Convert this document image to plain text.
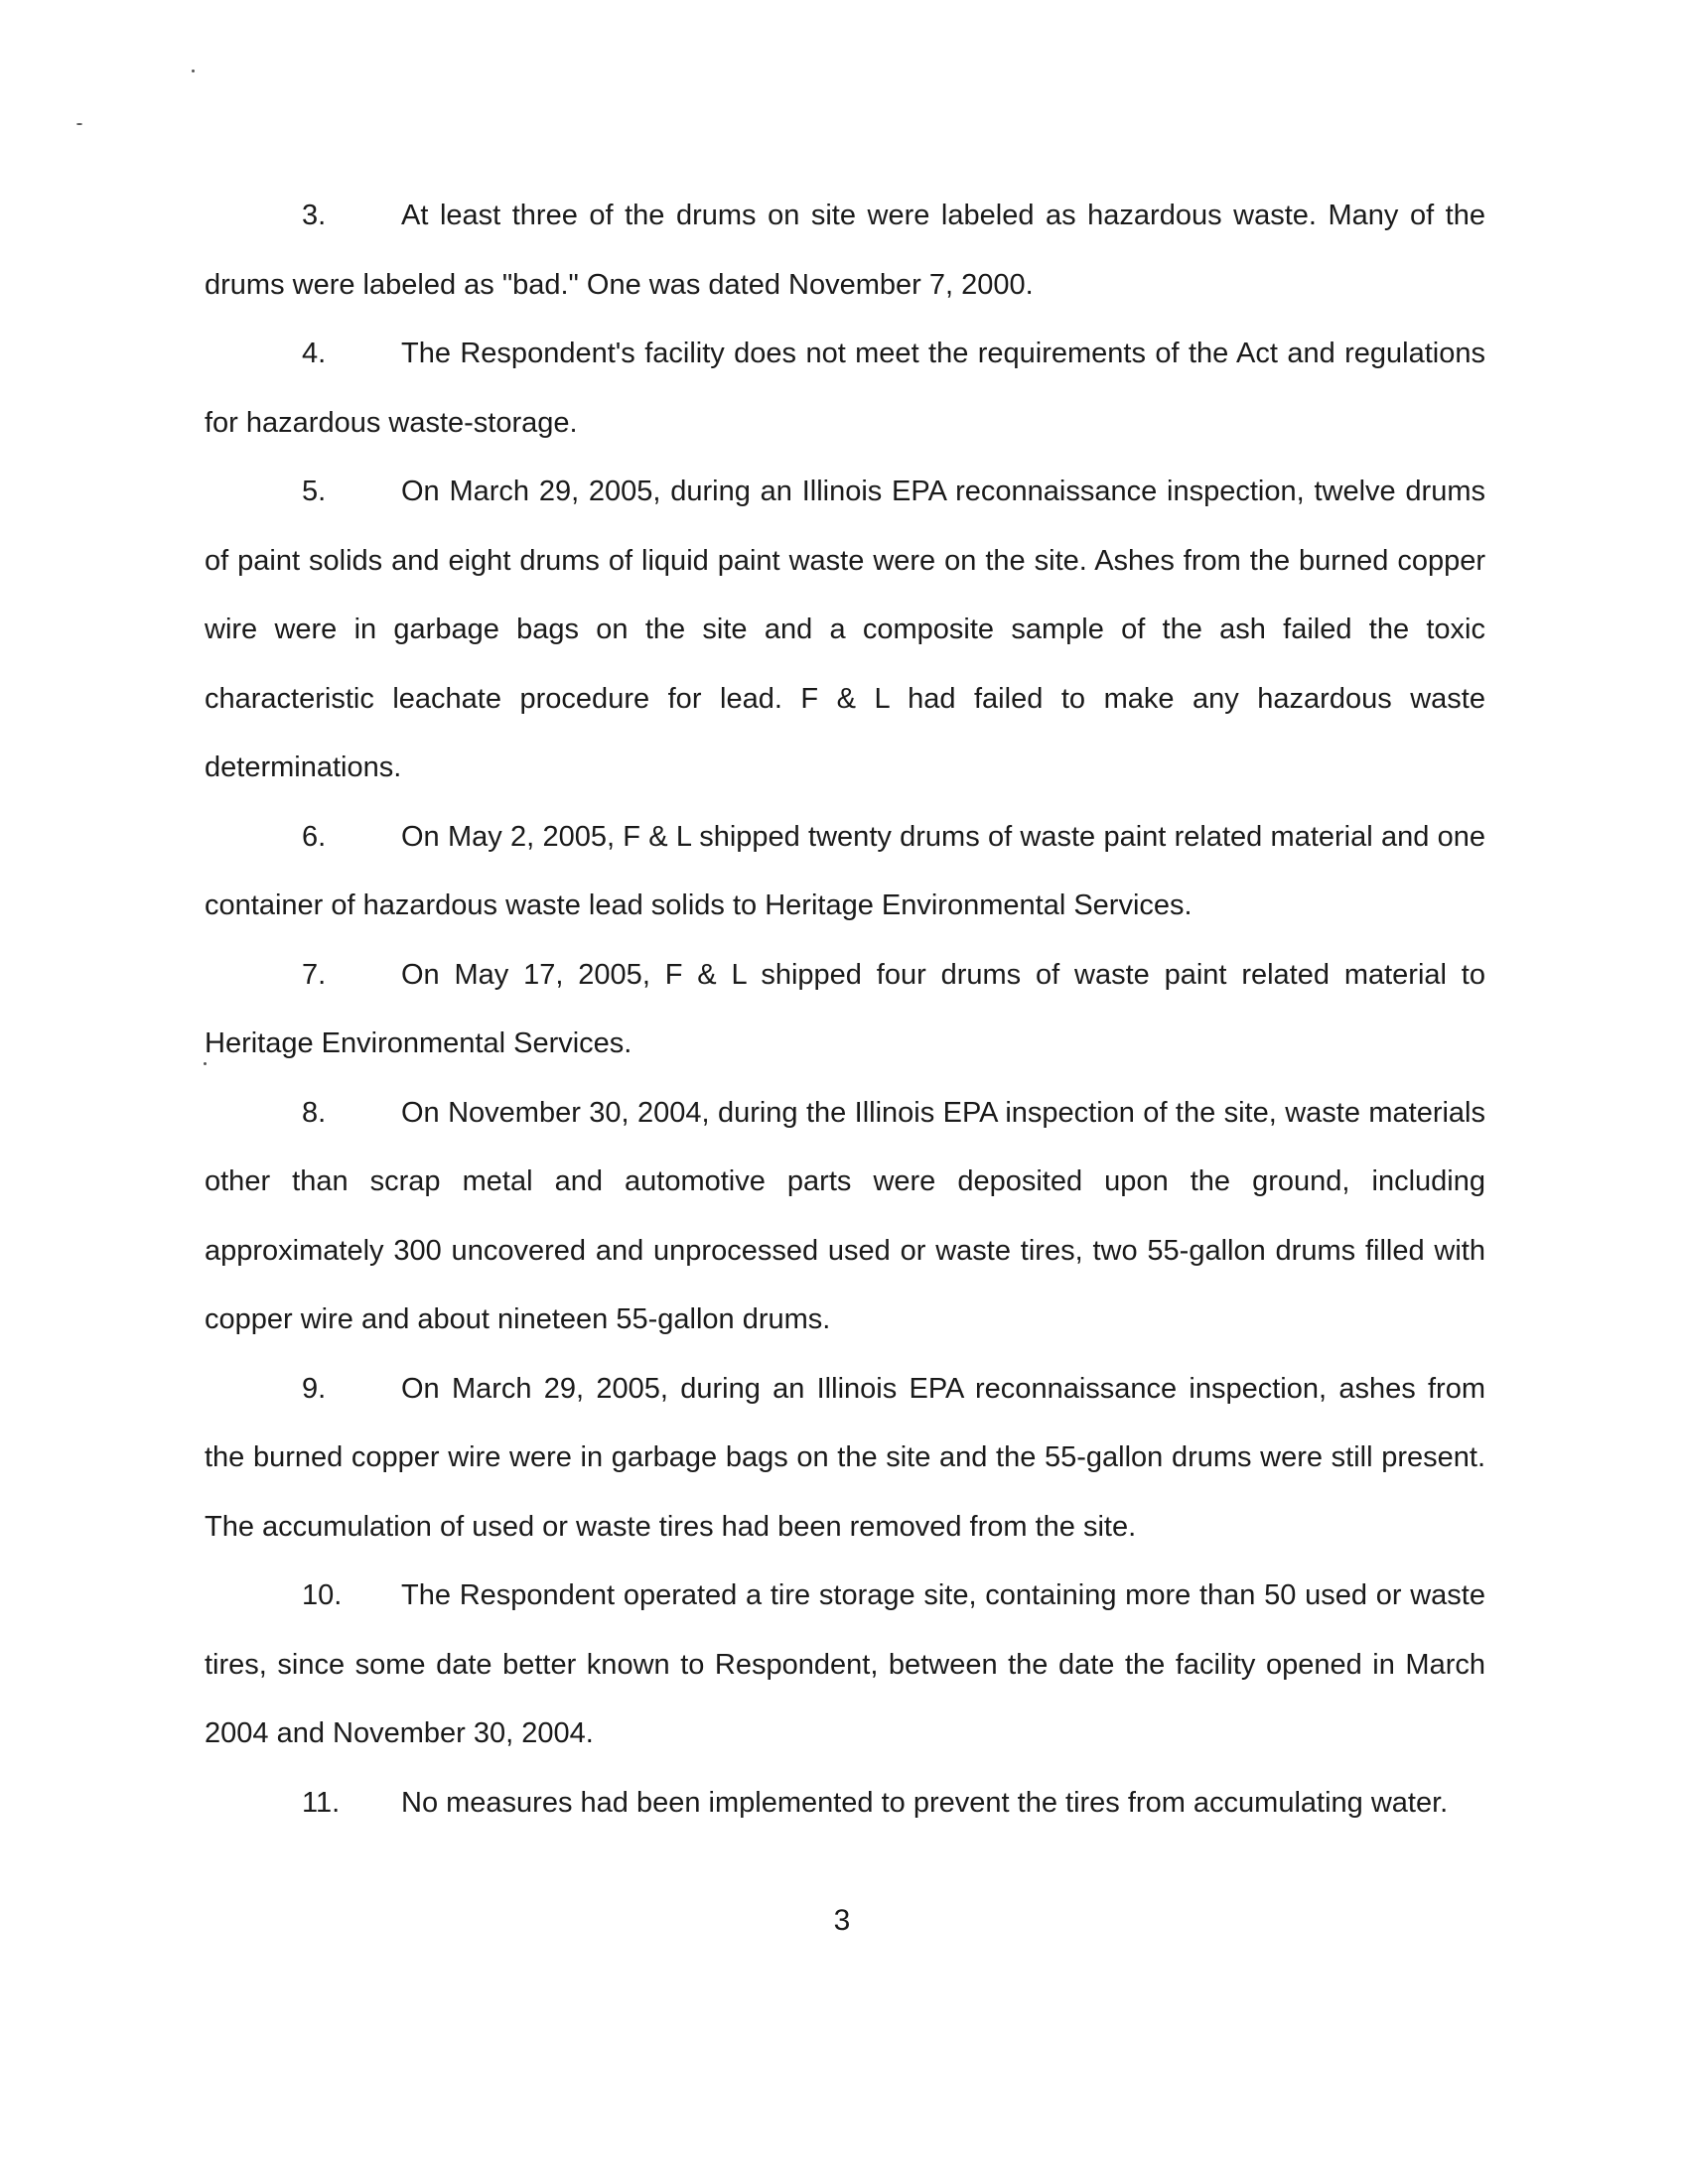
3.	At least three of the drums on site were labeled as hazardous waste. Many of the drums were labeled as "bad." One was dated November 7, 2000.

4.	The Respondent's facility does not meet the requirements of the Act and regulations for hazardous waste-storage.

5.	On March 29, 2005, during an Illinois EPA reconnaissance inspection, twelve drums of paint solids and eight drums of liquid paint waste were on the site. Ashes from the burned copper wire were in garbage bags on the site and a composite sample of the ash failed the toxic characteristic leachate procedure for lead. F & L had failed to make any hazardous waste determinations.

6.	On May 2, 2005, F & L shipped twenty drums of waste paint related material and one container of hazardous waste lead solids to Heritage Environmental Services.

7.	On May 17, 2005, F & L shipped four drums of waste paint related material to Heritage Environmental Services.

8.	On November 30, 2004, during the Illinois EPA inspection of the site, waste materials other than scrap metal and automotive parts were deposited upon the ground, including approximately 300 uncovered and unprocessed used or waste tires, two 55-gallon drums filled with copper wire and about nineteen 55-gallon drums.

9.	On March 29, 2005, during an Illinois EPA reconnaissance inspection, ashes from the burned copper wire were in garbage bags on the site and the 55-gallon drums were still present. The accumulation of used or waste tires had been removed from the site.

10. The Respondent operated a tire storage site, containing more than 50 used or waste tires, since some date better known to Respondent, between the date the facility opened in March 2004 and November 30, 2004.

11. No measures had been implemented to prevent the tires from accumulating water.

3
